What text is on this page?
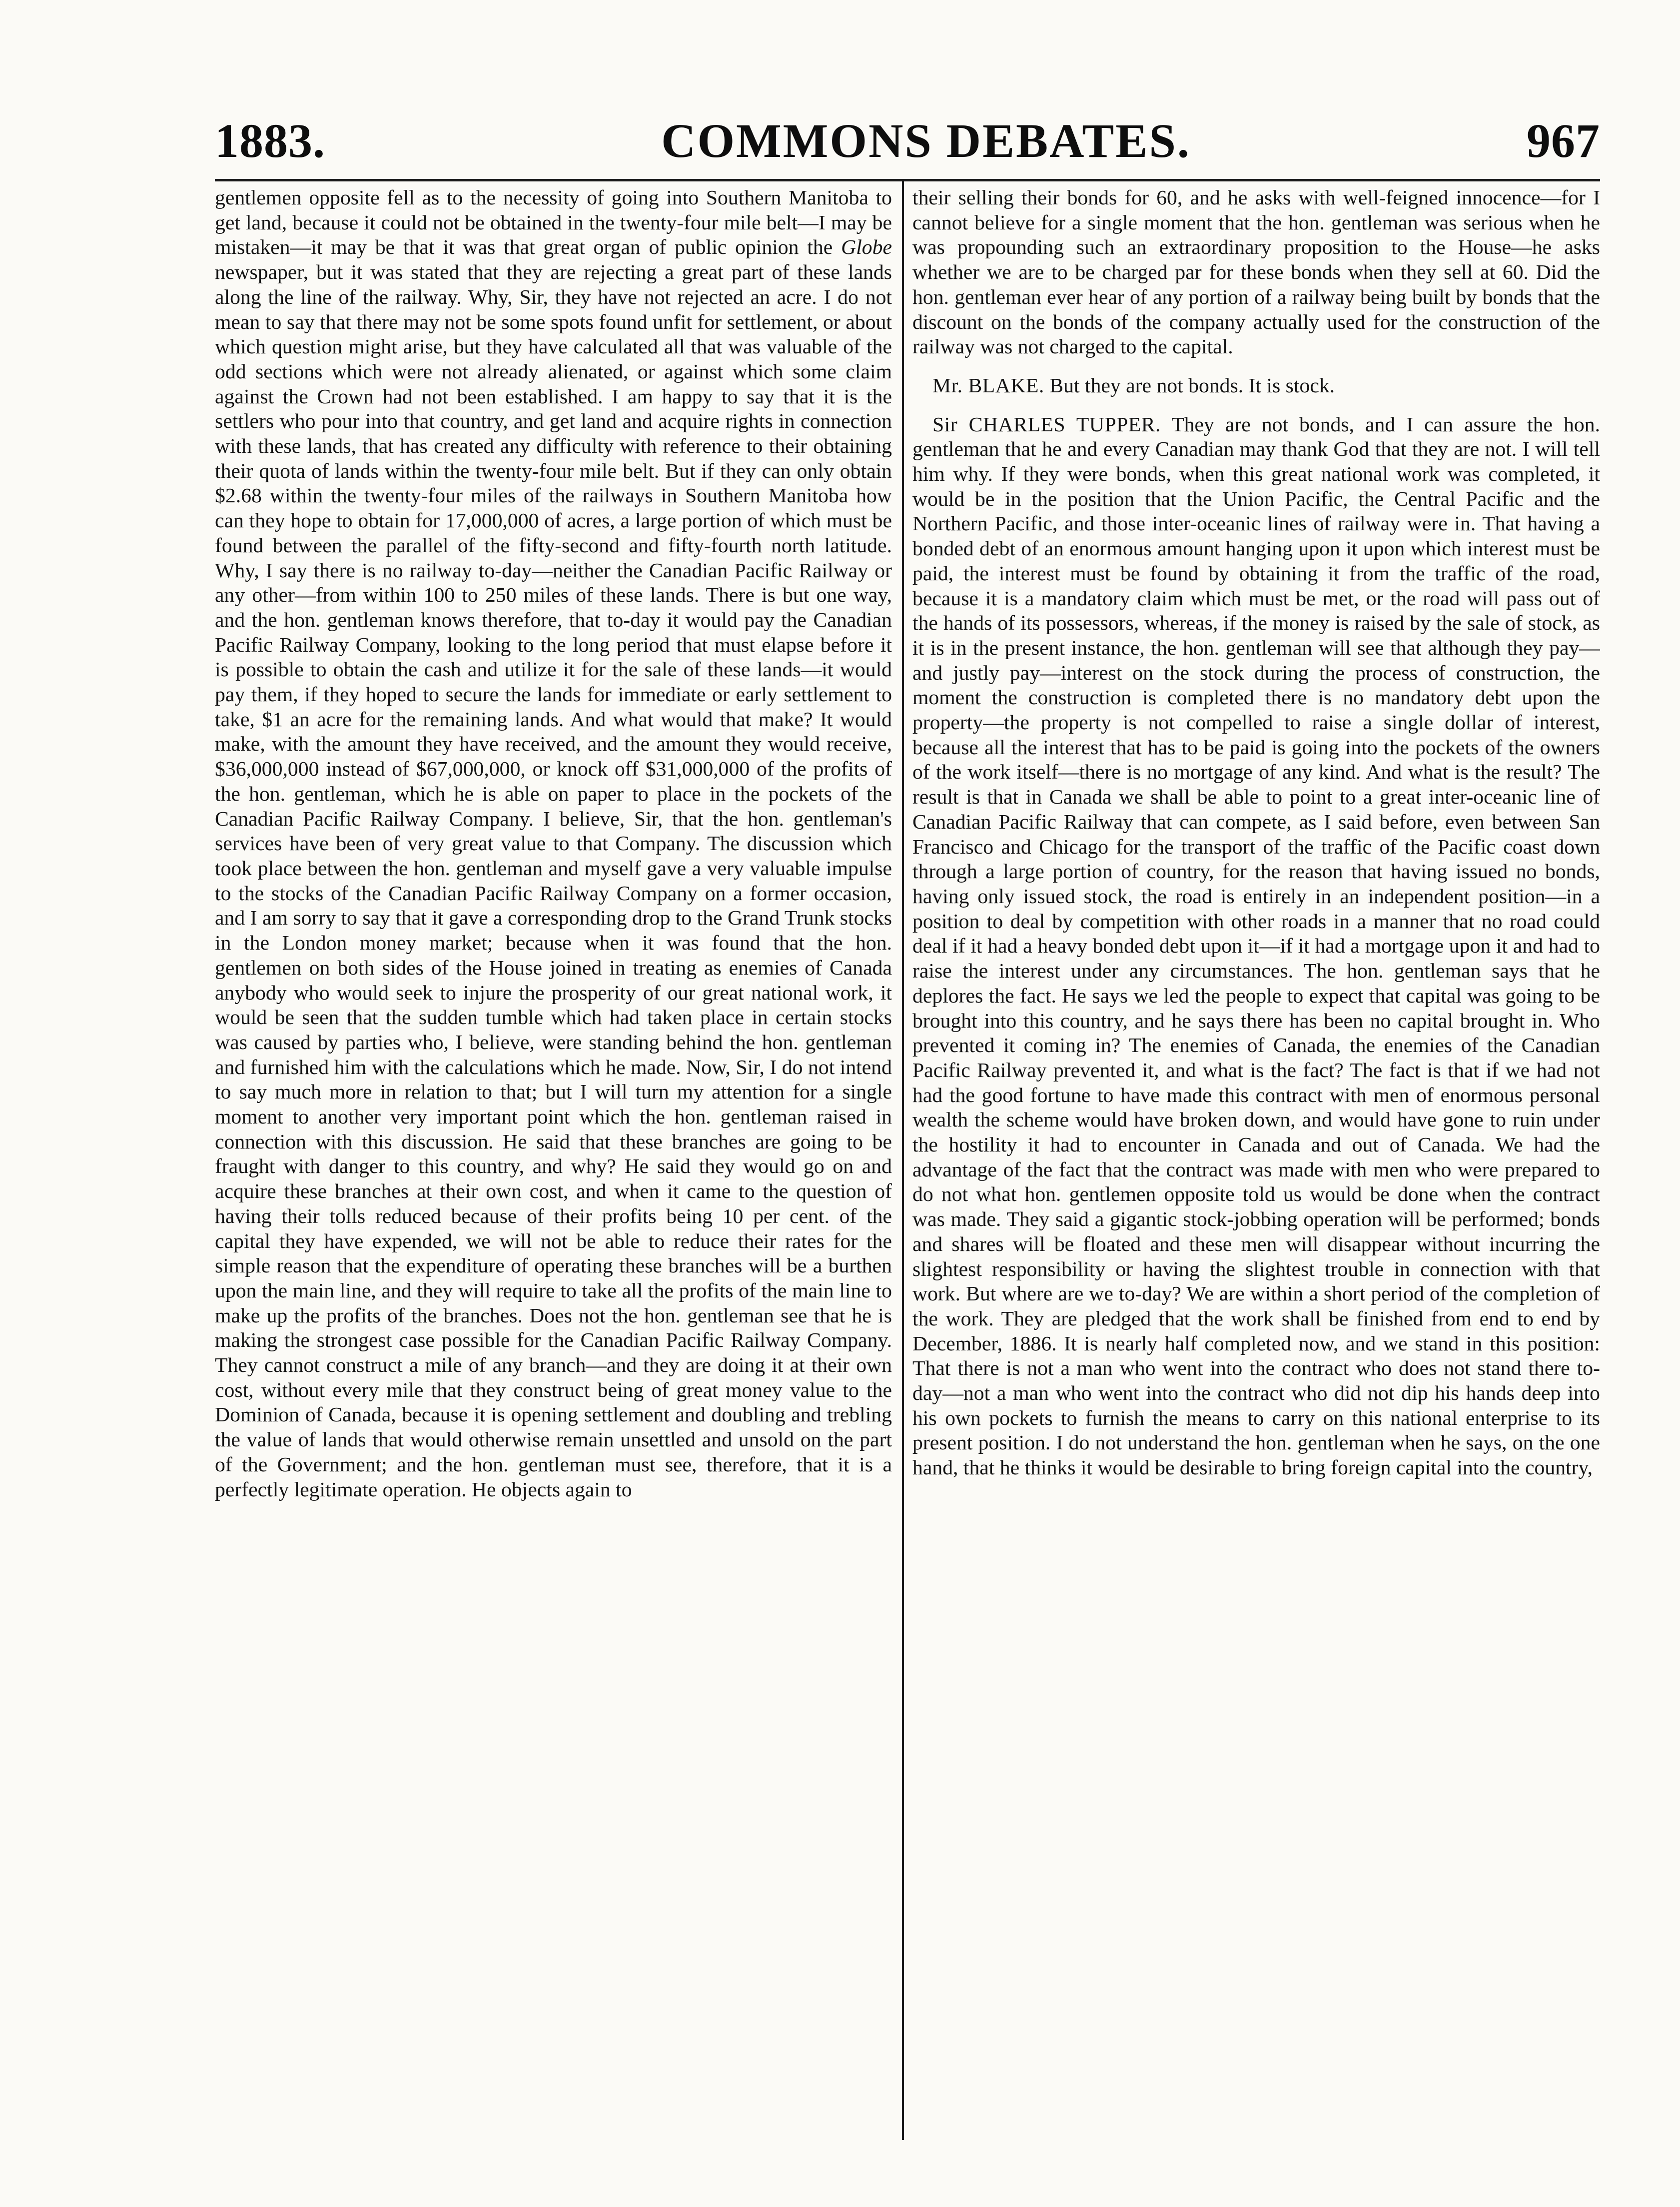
1883.	COMMONS DEBATES.	967

gentlemen opposite fell as to the necessity of going into Southern Manitoba to get land, because it could not be obtained in the twenty-four mile belt—I may be mistaken—it may be that it was that great organ of public opinion the Globe newspaper, but it was stated that they are rejecting a great part of these lands along the line of the railway. Why, Sir, they have not rejected an acre. I do not mean to say that there may not be some spots found unfit for settlement, or about which question might arise, but they have calculated all that was valuable of the odd sections which were not already alienated, or against which some claim against the Crown had not been established. I am happy to say that it is the settlers who pour into that country, and get land and acquire rights in connection with these lands, that has created any difficulty with reference to their obtaining their quota of lands within the twenty-four mile belt. But if they can only obtain $2.68 within the twenty-four miles of the railways in Southern Manitoba how can they hope to obtain for 17,000,000 of acres, a large portion of which must be found between the parallel of the fifty-second and fifty-fourth north latitude. Why, I say there is no railway to-day—neither the Canadian Pacific Railway or any other—from within 100 to 250 miles of these lands. There is but one way, and the hon. gentleman knows therefore, that to-day it would pay the Canadian Pacific Railway Company, looking to the long period that must elapse before it is possible to obtain the cash and utilize it for the sale of these lands—it would pay them, if they hoped to secure the lands for immediate or early settlement to take, $1 an acre for the remaining lands. And what would that make? It would make, with the amount they have received, and the amount they would receive, $36,000,000 instead of $67,000,000, or knock off $31,000,000 of the profits of the hon. gentleman, which he is able on paper to place in the pockets of the Canadian Pacific Railway Company. I believe, Sir, that the hon. gentleman's services have been of very great value to that Company. The discussion which took place between the hon. gentleman and myself gave a very valuable impulse to the stocks of the Canadian Pacific Railway Company on a former occasion, and I am sorry to say that it gave a corresponding drop to the Grand Trunk stocks in the London money market; because when it was found that the hon. gentlemen on both sides of the House joined in treating as enemies of Canada anybody who would seek to injure the prosperity of our great national work, it would be seen that the sudden tumble which had taken place in certain stocks was caused by parties who, I believe, were standing behind the hon. gentleman and furnished him with the calculations which he made. Now, Sir, I do not intend to say much more in relation to that; but I will turn my attention for a single moment to another very important point which the hon. gentleman raised in connection with this discussion. He said that these branches are going to be fraught with danger to this country, and why? He said they would go on and acquire these branches at their own cost, and when it came to the question of having their tolls reduced because of their profits being 10 per cent. of the capital they have expended, we will not be able to reduce their rates for the simple reason that the expenditure of operating these branches will be a burthen upon the main line, and they will require to take all the profits of the main line to make up the profits of the branches. Does not the hon. gentleman see that he is making the strongest case possible for the Canadian Pacific Railway Company. They cannot construct a mile of any branch—and they are doing it at their own cost, without every mile that they construct being of great money value to the Dominion of Canada, because it is opening settlement and doubling and trebling the value of lands that would otherwise remain unsettled and unsold on the part of the Government; and the hon. gentleman must see, therefore, that it is a perfectly legitimate operation. He objects again to

their selling their bonds for 60, and he asks with well-feigned innocence—for I cannot believe for a single moment that the hon. gentleman was serious when he was propounding such an extraordinary proposition to the House—he asks whether we are to be charged par for these bonds when they sell at 60. Did the hon. gentleman ever hear of any portion of a railway being built by bonds that the discount on the bonds of the company actually used for the construction of the railway was not charged to the capital.

Mr. BLAKE. But they are not bonds. It is stock.

Sir CHARLES TUPPER. They are not bonds, and I can assure the hon. gentleman that he and every Canadian may thank God that they are not. I will tell him why. If they were bonds, when this great national work was completed, it would be in the position that the Union Pacific, the Central Pacific and the Northern Pacific, and those inter-oceanic lines of railway were in. That having a bonded debt of an enormous amount hanging upon it upon which interest must be paid, the interest must be found by obtaining it from the traffic of the road, because it is a mandatory claim which must be met, or the road will pass out of the hands of its possessors, whereas, if the money is raised by the sale of stock, as it is in the present instance, the hon. gentleman will see that although they pay—and justly pay—interest on the stock during the process of construction, the moment the construction is completed there is no mandatory debt upon the property—the property is not compelled to raise a single dollar of interest, because all the interest that has to be paid is going into the pockets of the owners of the work itself—there is no mortgage of any kind. And what is the result? The result is that in Canada we shall be able to point to a great inter-oceanic line of Canadian Pacific Railway that can compete, as I said before, even between San Francisco and Chicago for the transport of the traffic of the Pacific coast down through a large portion of country, for the reason that having issued no bonds, having only issued stock, the road is entirely in an independent position—in a position to deal by competition with other roads in a manner that no road could deal if it had a heavy bonded debt upon it—if it had a mortgage upon it and had to raise the interest under any circumstances. The hon. gentleman says that he deplores the fact. He says we led the people to expect that capital was going to be brought into this country, and he says there has been no capital brought in. Who prevented it coming in? The enemies of Canada, the enemies of the Canadian Pacific Railway prevented it, and what is the fact? The fact is that if we had not had the good fortune to have made this contract with men of enormous personal wealth the scheme would have broken down, and would have gone to ruin under the hostility it had to encounter in Canada and out of Canada. We had the advantage of the fact that the contract was made with men who were prepared to do not what hon. gentlemen opposite told us would be done when the contract was made. They said a gigantic stock-jobbing operation will be performed; bonds and shares will be floated and these men will disappear without incurring the slightest responsibility or having the slightest trouble in connection with that work. But where are we to-day? We are within a short period of the completion of the work. They are pledged that the work shall be finished from end to end by December, 1886. It is nearly half completed now, and we stand in this position: That there is not a man who went into the contract who does not stand there to-day—not a man who went into the contract who did not dip his hands deep into his own pockets to furnish the means to carry on this national enterprise to its present position. I do not understand the hon. gentleman when he says, on the one hand, that he thinks it would be desirable to bring foreign capital into the country,
